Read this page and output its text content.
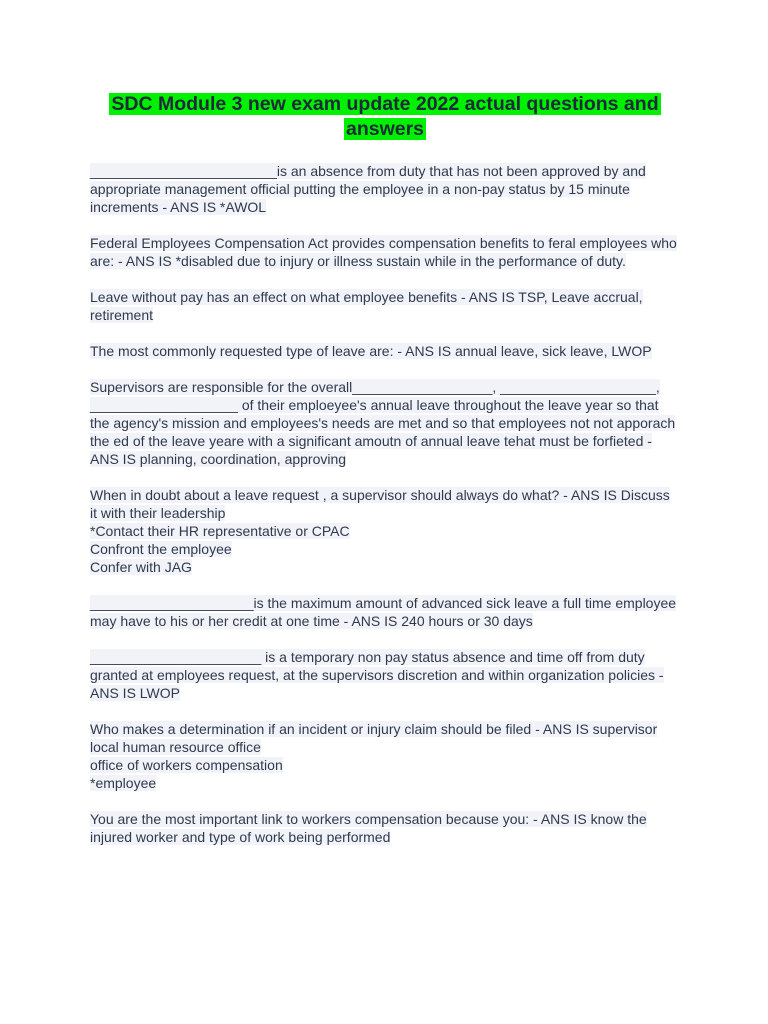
SDC Module 3 new exam update 2022 actual questions and answers

________________________is an absence from duty that has not been approved by and appropriate management official putting the employee in a non-pay status by 15 minute increments - ANS IS *AWOL

Federal Employees Compensation Act provides compensation benefits to feral employees who are: - ANS IS *disabled due to injury or illness sustain while in the performance of duty.

Leave without pay has an effect on what employee benefits - ANS IS TSP, Leave accrual, retirement

The most commonly requested type of leave are: - ANS IS annual leave, sick leave, LWOP

Supervisors are responsible for the overall__________________, ____________________, ___________________ of their emploeyee's annual leave throughout the leave year so that the agency's mission and employees's needs are met and so that employees not not apporach the ed of the leave yeare with a significant amoutn of annual leave tehat must be forfieted - ANS IS planning, coordination, approving

When in doubt about a leave request , a supervisor should always do what? - ANS IS Discuss it with their leadership
*Contact their HR representative or CPAC
Confront the employee
Confer with JAG

_____________________is the maximum amount of advanced sick leave a full time employee may have to his or her credit at one time - ANS IS 240 hours or 30 days

______________________ is a temporary non pay status absence and time off from duty granted at employees request, at the supervisors discretion and within organization policies - ANS IS LWOP

Who makes a determination if an incident or injury claim should be filed - ANS IS supervisor
local human resource office
office of workers compensation
*employee

You are the most important link to workers compensation because you: - ANS IS know the injured worker and type of work being performed
